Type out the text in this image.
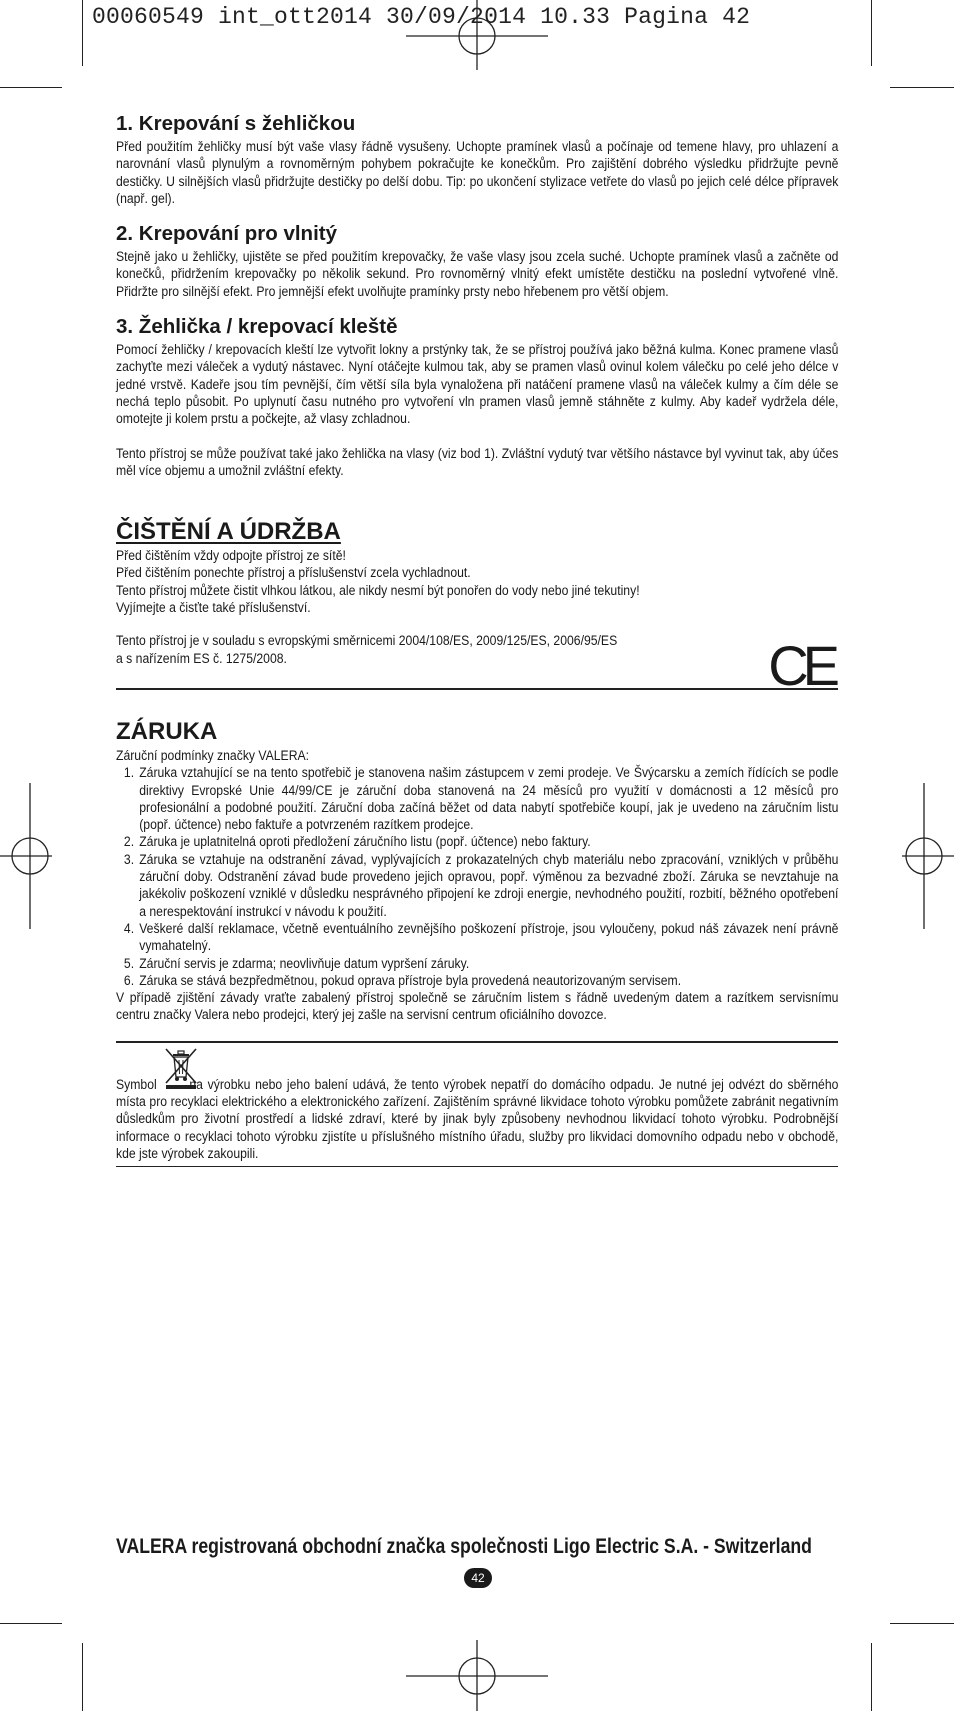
00060549 int_ott2014 30/09/2014 10.33 Pagina 42
1. Krepování s žehličkou

Před použitím žehličky musí být vaše vlasy řádně vysušeny. Uchopte pramínek vlasů a počínaje od temene hlavy, pro uhlazení a narovnání vlasů plynulým a rovnoměrným pohybem pokračujte ke konečkům. Pro zajištění dobrého výsledku přidržujte pevně destičky. U silnějších vlasů přidržujte destičky po delší dobu. Tip: po ukončení stylizace vetřete do vlasů po jejich celé délce přípravek (např. gel).

2. Krepování pro vlnitý

Stejně jako u žehličky, ujistěte se před použitím krepovačky, že vaše vlasy jsou zcela suché. Uchopte pramínek vlasů a začněte od konečků, přidržením krepovačky po několik sekund. Pro rovnoměrný vlnitý efekt umístěte destičku na poslední vytvořené vlně. Přidržte pro silnější efekt. Pro jemnější efekt uvolňujte pramínky prsty nebo hřebenem pro větší objem.

3. Žehlička / krepovací kleště

Pomocí žehličky / krepovacích kleští lze vytvořit lokny a prstýnky tak, že se přístroj používá jako běžná kulma. Konec pramene vlasů zachyťte mezi váleček a vydutý nástavec. Nyní otáčejte kulmou tak, aby se pramen vlasů ovinul kolem válečku po celé jeho délce v jedné vrstvě. Kadeře jsou tím pevnější, čím větší síla byla vynaložena při natáčení pramene vlasů na váleček kulmy a čím déle se nechá teplo působit. Po uplynutí času nutného pro vytvoření vln pramen vlasů jemně stáhněte z kulmy. Aby kadeř vydržela déle, omotejte ji kolem prstu a počkejte, až vlasy zchladnou.

Tento přístroj se může používat také jako žehlička na vlasy (viz bod 1). Zvláštní vydutý tvar většího nástavce byl vyvinut tak, aby účes měl více objemu a umožnil zvláštní efekty.

ČIŠTĚNÍ A ÚDRŽBA
Před čištěním vždy odpojte přístroj ze sítě!
Před čištěním ponechte přístroj a příslušenství zcela vychladnout.
Tento přístroj můžete čistit vlhkou látkou, ale nikdy nesmí být ponořen do vody nebo jiné tekutiny!
Vyjímejte a čisťte také příslušenství.
Tento přístroj je v souladu s evropskými směrnicemi 2004/108/ES, 2009/125/ES, 2006/95/ES
a s nařízením ES č. 1275/2008.	CE
ZÁRUKA
Záruční podmínky značky VALERA:
1. Záruka vztahující se na tento spotřebič je stanovena našim zástupcem v zemi prodeje. Ve Švýcarsku a zemích řídících se podle direktivy Evropské Unie 44/99/CE je záruční doba stanovená na 24 měsíců pro využití v domácnosti a 12 měsíců pro profesionální a podobné použití. Záruční doba začíná běžet od data nabytí spotřebiče koupí, jak je uvedeno na záručním listu (popř. účtence) nebo faktuře a potvrzeném razítkem prodejce.
2. Záruka je uplatnitelná oproti předložení záručního listu (popř. účtence) nebo faktury.
3. Záruka se vztahuje na odstranění závad, vyplývajících z prokazatelných chyb materiálu nebo zpracování, vzniklých v průběhu záruční doby. Odstranění závad bude provedeno jejich opravou, popř. výměnou za bezvadné zboží. Záruka se nevztahuje na jakékoliv poškození vzniklé v důsledku nesprávného připojení ke zdroji energie, nevhodného použití, rozbití, běžného opotřebení a nerespektování instrukcí v návodu k použití.
4. Veškeré další reklamace, včetně eventuálního zevnějšího poškození přístroje, jsou vyloučeny, pokud náš závazek není právně vymahatelný.
5. Záruční servis je zdarma; neovlivňuje datum vypršení záruky.
6. Záruka se stává bezpředmětnou, pokud oprava přístroje byla provedená neautorizovaným servisem.
V případě zjištění závady vraťte zabalený přístroj společně se záručním listem s řádně uvedeným datem a razítkem servisnímu centru značky Valera nebo prodejci, který jej zašle na servisní centrum oficiálního dovozce.

Symbol na výrobku nebo jeho balení udává, že tento výrobek nepatří do domácího odpadu. Je nutné jej odvézt do sběrného místa pro recyklaci elektrického a elektronického zařízení. Zajištěním správné likvidace tohoto výrobku pomůžete zabránit negativním důsledkům pro životní prostředí a lidské zdraví, které by jinak byly způsobeny nevhodnou likvidací tohoto výrobku. Podrobnější informace o recyklaci tohoto výrobku zjistíte u příslušného místního úřadu, služby pro likvidaci domovního odpadu nebo v obchodě, kde jste výrobek zakoupili.

VALERA registrovaná obchodní značka společnosti Ligo Electric S.A. - Switzerland
42
